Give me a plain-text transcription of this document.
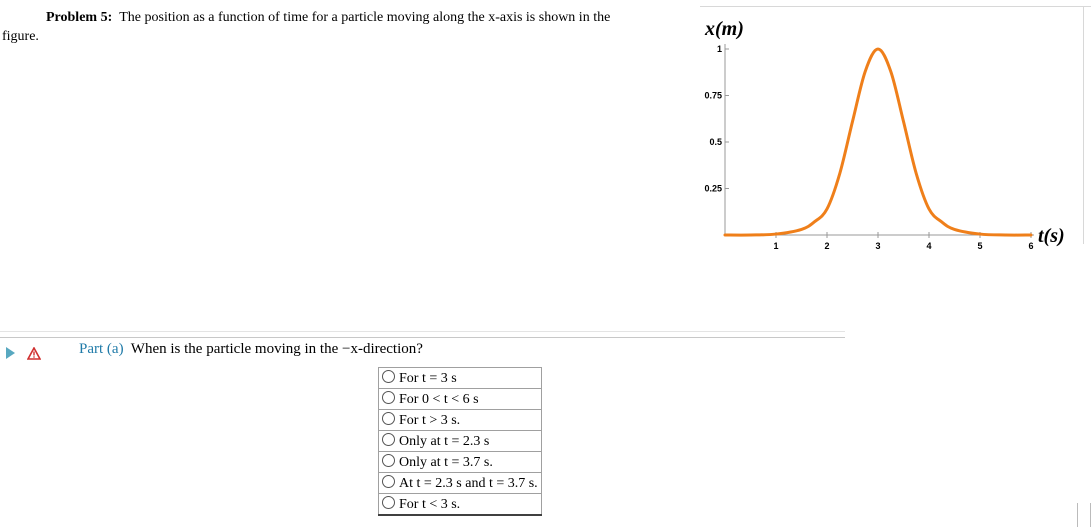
Problem 5: The position as a function of time for a particle moving along the x-axis is shown in the
figure.
1	2	3	4	5	6
0.25
0.5
0.75
1
x(m)
t(s)

Part (a) When is the particle moving in the −x-direction?
For t = 3 s
For 0 < t < 6 s
For t > 3 s.
Only at t = 2.3 s
Only at t = 3.7 s.
At t = 2.3 s and t = 3.7 s.
For t < 3 s.
